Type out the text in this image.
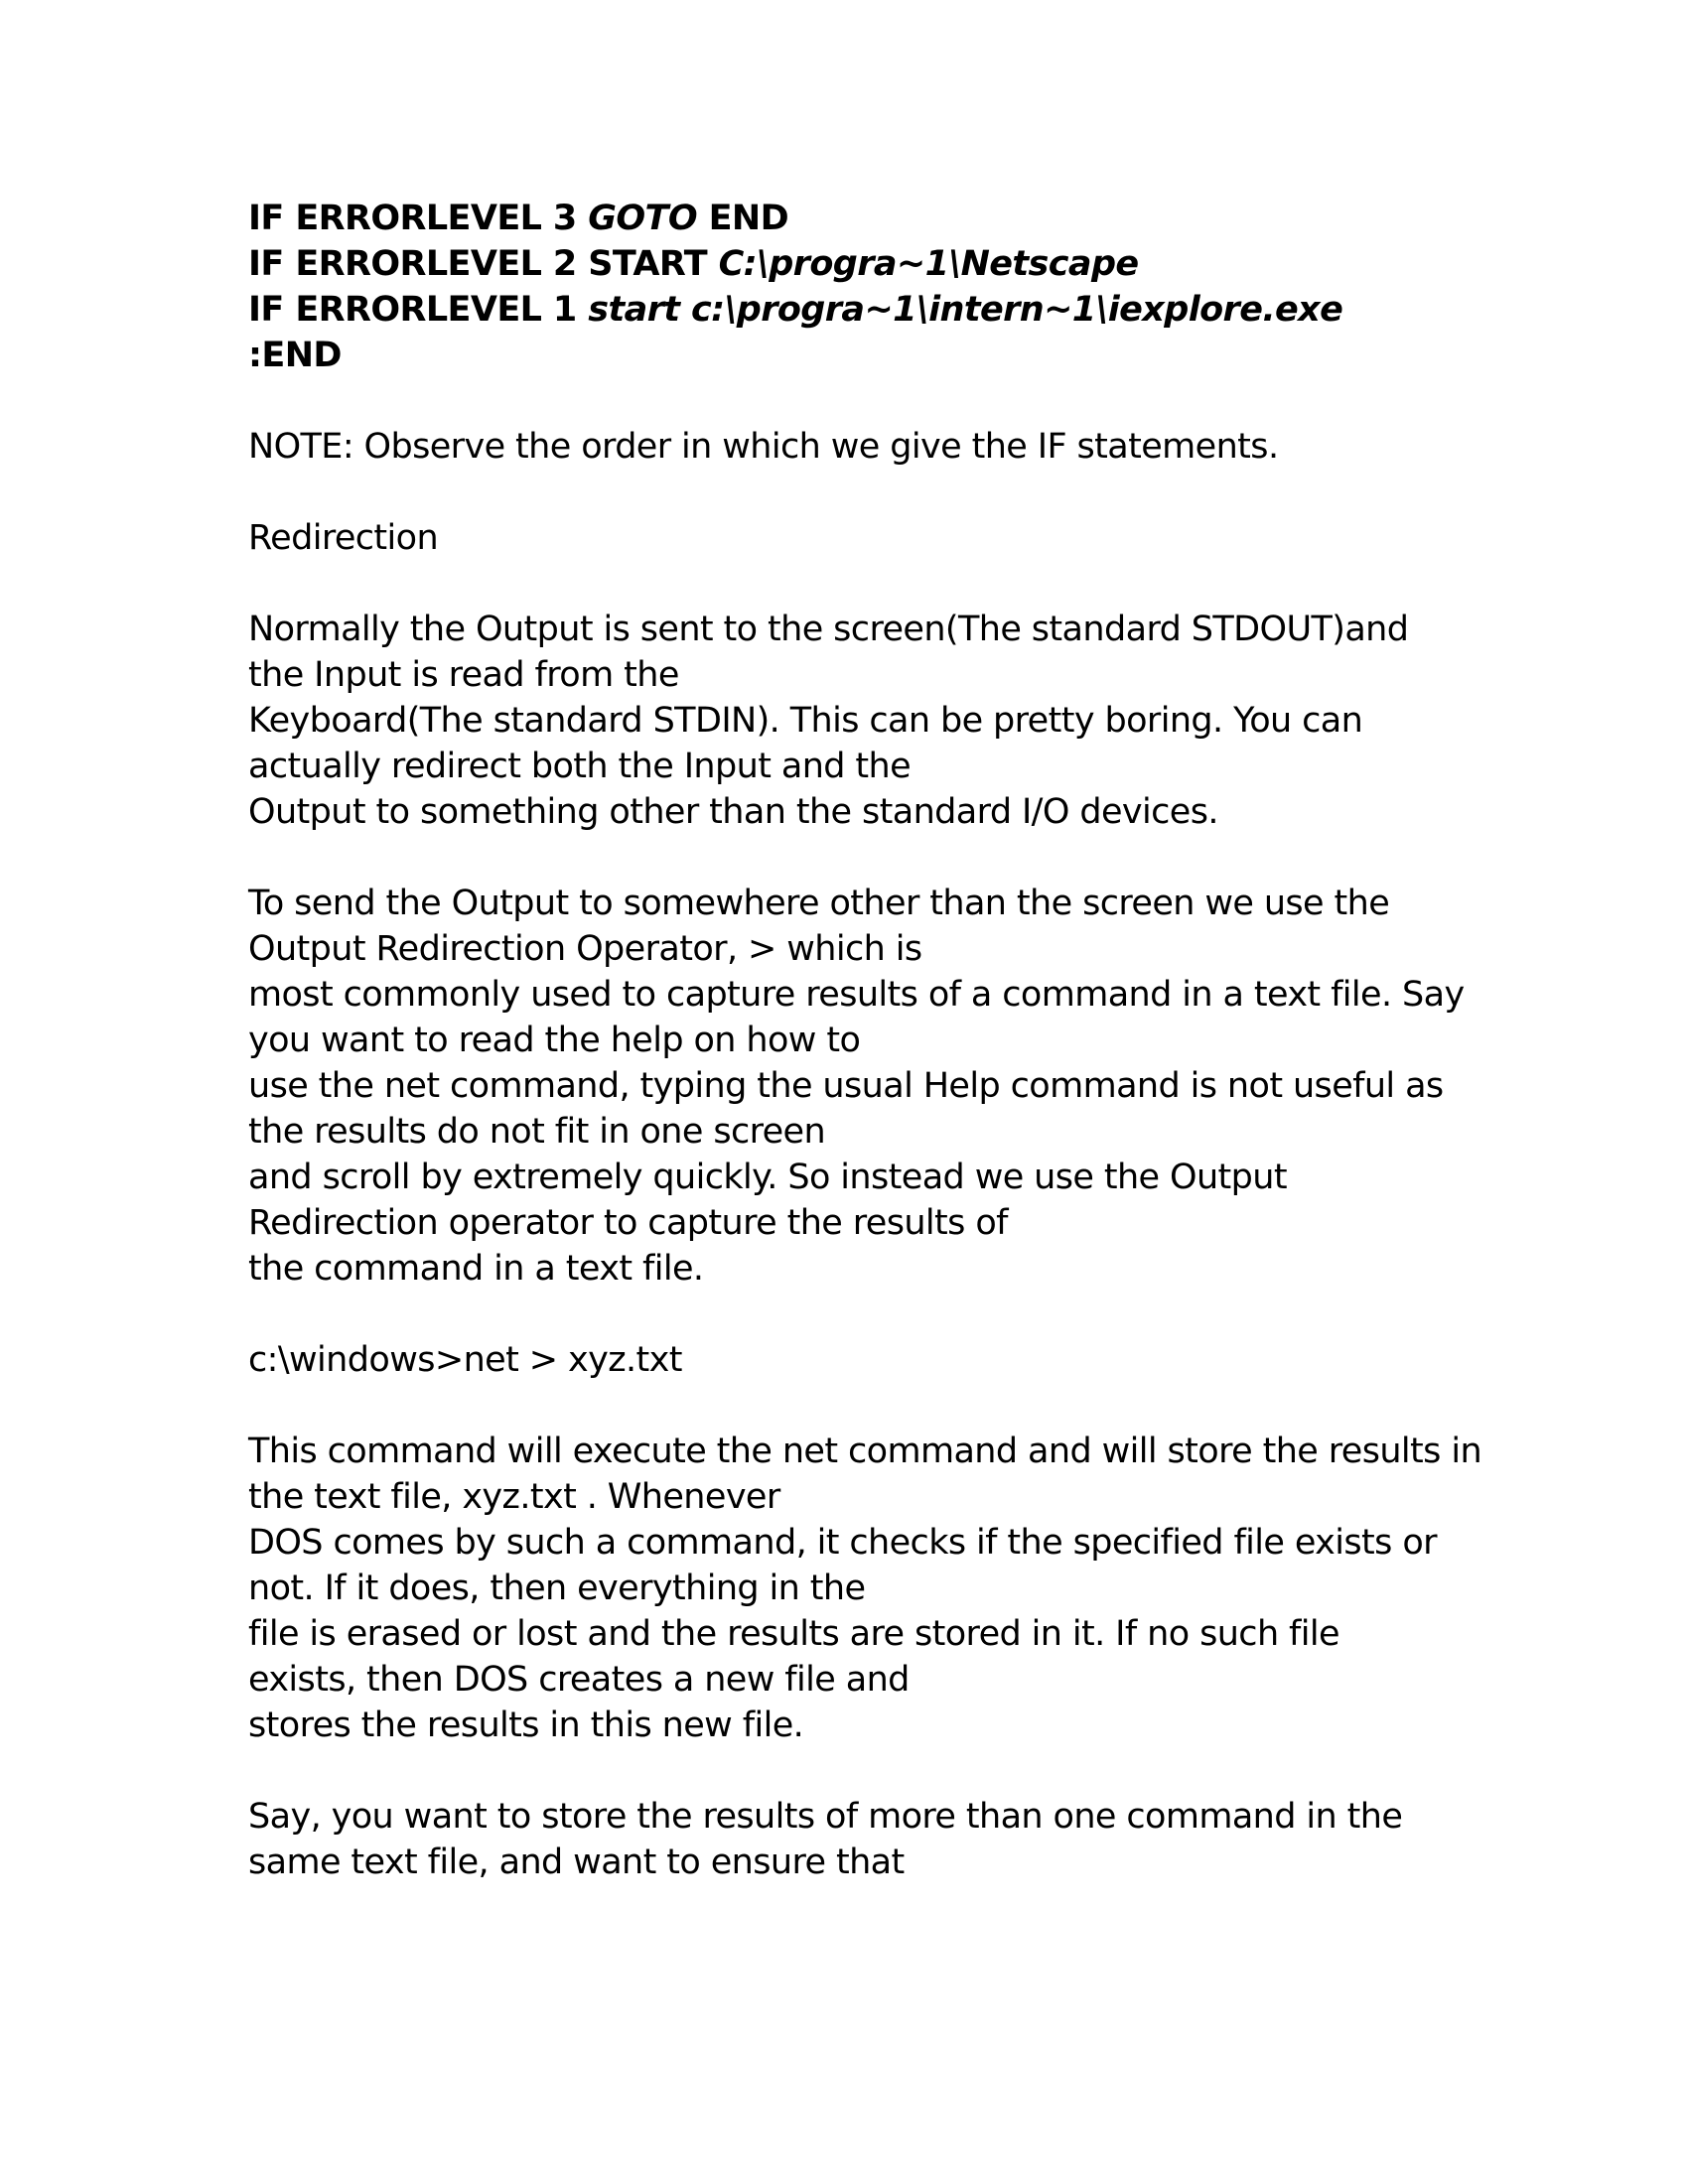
IF ERRORLEVEL 3 GOTO END
IF ERRORLEVEL 2 START C:\progra~1\Netscape
IF ERRORLEVEL 1 start c:\progra~1\intern~1\iexplore.exe
:END
NOTE: Observe the order in which we give the IF statements.
Redirection
Normally the Output is sent to the screen(The standard STDOUT)and
the Input is read from the
Keyboard(The standard STDIN). This can be pretty boring. You can
actually redirect both the Input and the
Output to something other than the standard I/O devices.
To send the Output to somewhere other than the screen we use the
Output Redirection Operator, > which is
most commonly used to capture results of a command in a text file. Say
you want to read the help on how to
use the net command, typing the usual Help command is not useful as
the results do not fit in one screen
and scroll by extremely quickly. So instead we use the Output
Redirection operator to capture the results of
the command in a text file.
c:\windows>net > xyz.txt
This command will execute the net command and will store the results in
the text file, xyz.txt . Whenever
DOS comes by such a command, it checks if the specified file exists or
not. If it does, then everything in the
file is erased or lost and the results are stored in it. If no such file
exists, then DOS creates a new file and
stores the results in this new file.
Say, you want to store the results of more than one command in the
same text file, and want to ensure that
